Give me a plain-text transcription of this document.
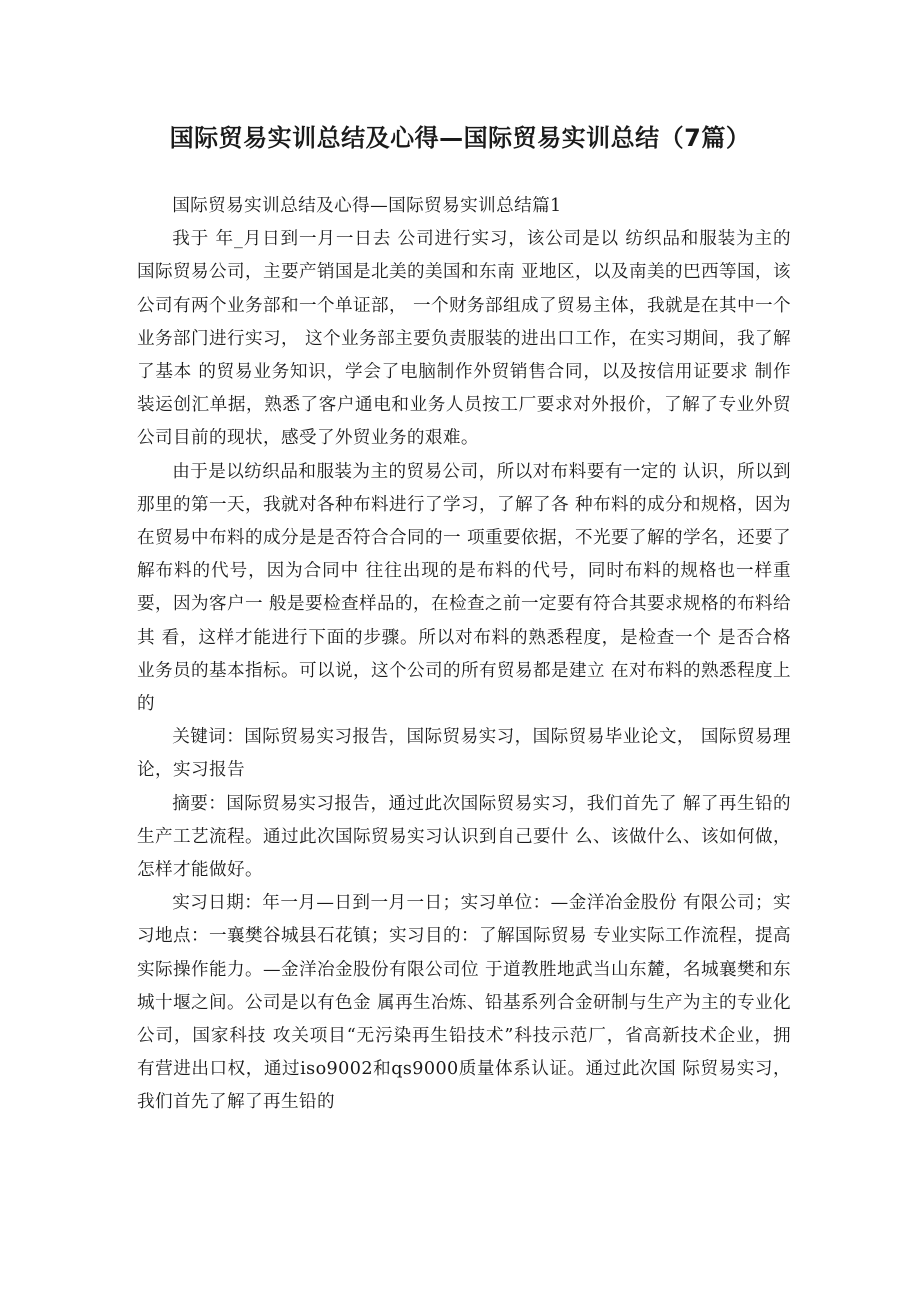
国际贸易实训总结及心得—国际贸易实训总结（7篇）

国际贸易实训总结及心得—国际贸易实训总结篇1

我于 年_月日到一月一日去 公司进行实习，该公司是以 纺织品和服装为主的国际贸易公司，主要产销国是北美的美国和东南 亚地区，以及南美的巴西等国，该公司有两个业务部和一个单证部， 一个财务部组成了贸易主体，我就是在其中一个业务部门进行实习， 这个业务部主要负责服装的进出口工作，在实习期间，我了解了基本 的贸易业务知识，学会了电脑制作外贸销售合同，以及按信用证要求 制作装运创汇单据，熟悉了客户通电和业务人员按工厂要求对外报价，了解了专业外贸公司目前的现状，感受了外贸业务的艰难。

由于是以纺织品和服装为主的贸易公司，所以对布料要有一定的 认识，所以到那里的第一天，我就对各种布料进行了学习，了解了各 种布料的成分和规格，因为在贸易中布料的成分是是否符合合同的一 项重要依据，不光要了解的学名，还要了解布料的代号，因为合同中 往往出现的是布料的代号，同时布料的规格也一样重要，因为客户一 般是要检查样品的，在检查之前一定要有符合其要求规格的布料给其 看，这样才能进行下面的步骤。所以对布料的熟悉程度，是检查一个 是否合格业务员的基本指标。可以说，这个公司的所有贸易都是建立 在对布料的熟悉程度上的

关键词：国际贸易实习报告，国际贸易实习，国际贸易毕业论文， 国际贸易理论，实习报告

摘要：国际贸易实习报告，通过此次国际贸易实习，我们首先了 解了再生铅的生产工艺流程。通过此次国际贸易实习认识到自己要什 么、该做什么、该如何做，怎样才能做好。

实习日期：年一月—日到一月一日；实习单位：—金洋冶金股份 有限公司；实习地点：一襄樊谷城县石花镇；实习目的：了解国际贸易 专业实际工作流程，提高实际操作能力。—金洋冶金股份有限公司位 于道教胜地武当山东麓，名城襄樊和东城十堰之间。公司是以有色金 属再生冶炼、铅基系列合金研制与生产为主的专业化公司，国家科技 攻关项目“无污染再生铅技术”科技示范厂，省高新技术企业，拥 有营进出口权，通过iso9002和qs9000质量体系认证。通过此次国 际贸易实习，我们首先了解了再生铅的
